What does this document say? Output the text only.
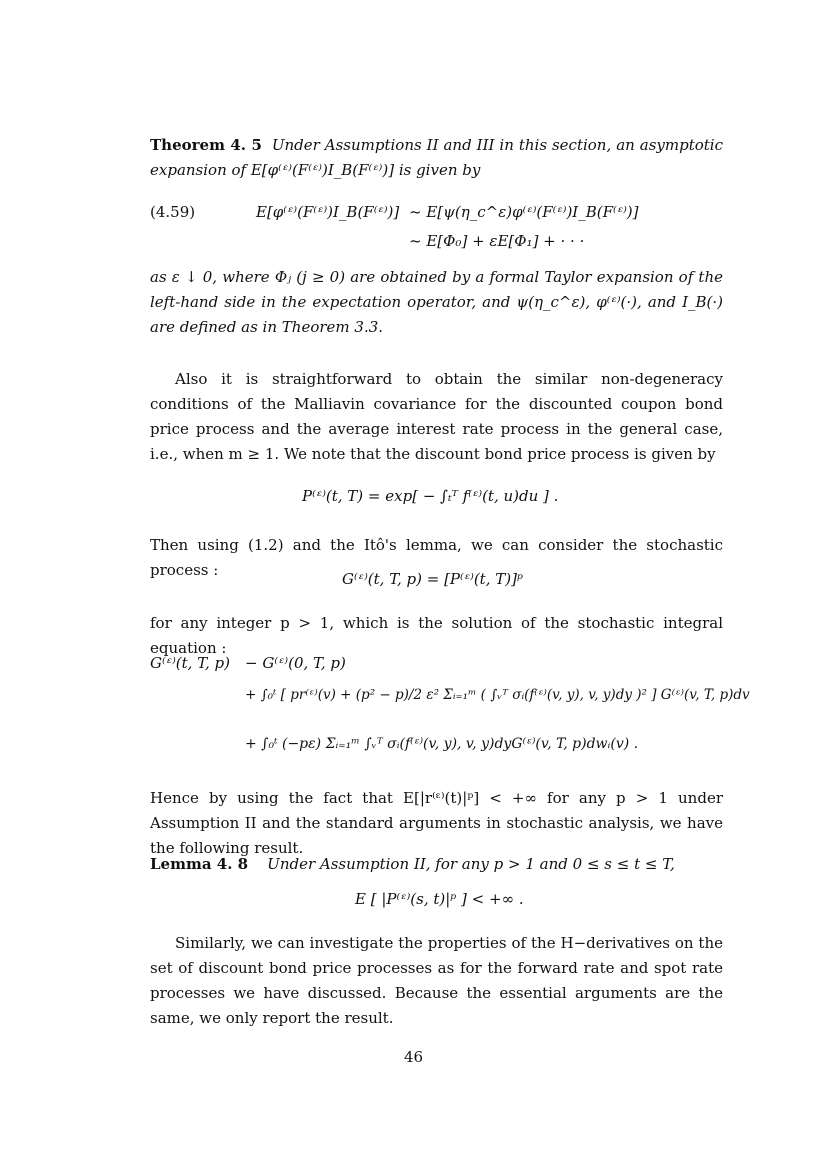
Theorem 4. 5 Under Assumptions II and III in this section, an asymptotic expansion of E[φ⁽ᵋ⁾(F⁽ᵋ⁾)I_B(F⁽ᵋ⁾)] is given by
(4.59)	E[φ⁽ᵋ⁾(F⁽ᵋ⁾)I_B(F⁽ᵋ⁾)] ~ E[ψ(η_c^ε)φ⁽ᵋ⁾(F⁽ᵋ⁾)I_B(F⁽ᵋ⁾)]
~ E[Φ₀] + εE[Φ₁] + · · ·
as ε ↓ 0, where Φⱼ (j ≥ 0) are obtained by a formal Taylor expansion of the left-hand side in the expectation operator, and ψ(η_c^ε), φ⁽ᵋ⁾(·), and I_B(·) are defined as in Theorem 3.3.
Also it is straightforward to obtain the similar non-degeneracy conditions of the Malliavin covariance for the discounted coupon bond price process and the average interest rate process in the general case, i.e., when m ≥ 1. We note that the discount bond price process is given by
P⁽ᵋ⁾(t, T) = exp[ − ∫ₜᵀ f⁽ᵋ⁾(t, u)du ] .
Then using (1.2) and the Itô's lemma, we can consider the stochastic process :	G⁽ᵋ⁾(t, T, p) = [P⁽ᵋ⁾(t, T)]ᵖ
for any integer p > 1, which is the solution of the stochastic integral equation :
G⁽ᵋ⁾(t, T, p) − G⁽ᵋ⁾(0, T, p)
+ ∫₀ᵗ [ pr⁽ᵋ⁾(v) + (p² − p)/2 ε² Σᵢ₌₁ᵐ ( ∫ᵥᵀ σᵢ(f⁽ᵋ⁾(v, y), v, y)dy )² ] G⁽ᵋ⁾(v, T, p)dv
+ ∫₀ᵗ (−pε) Σᵢ₌₁ᵐ ∫ᵥᵀ σᵢ(f⁽ᵋ⁾(v, y), v, y)dyG⁽ᵋ⁾(v, T, p)dwᵢ(v) .
Hence by using the fact that E[|r⁽ᵋ⁾(t)|ᵖ] < +∞ for any p > 1 under Assumption II and the standard arguments in stochastic analysis, we have the following result.
Lemma 4. 8 Under Assumption II, for any p > 1 and 0 ≤ s ≤ t ≤ T,
E [ |P⁽ᵋ⁾(s, t)|ᵖ ] < +∞ .
Similarly, we can investigate the properties of the H−derivatives on the set of discount bond price processes as for the forward rate and spot rate processes we have discussed. Because the essential arguments are the same, we only report the result.
46
